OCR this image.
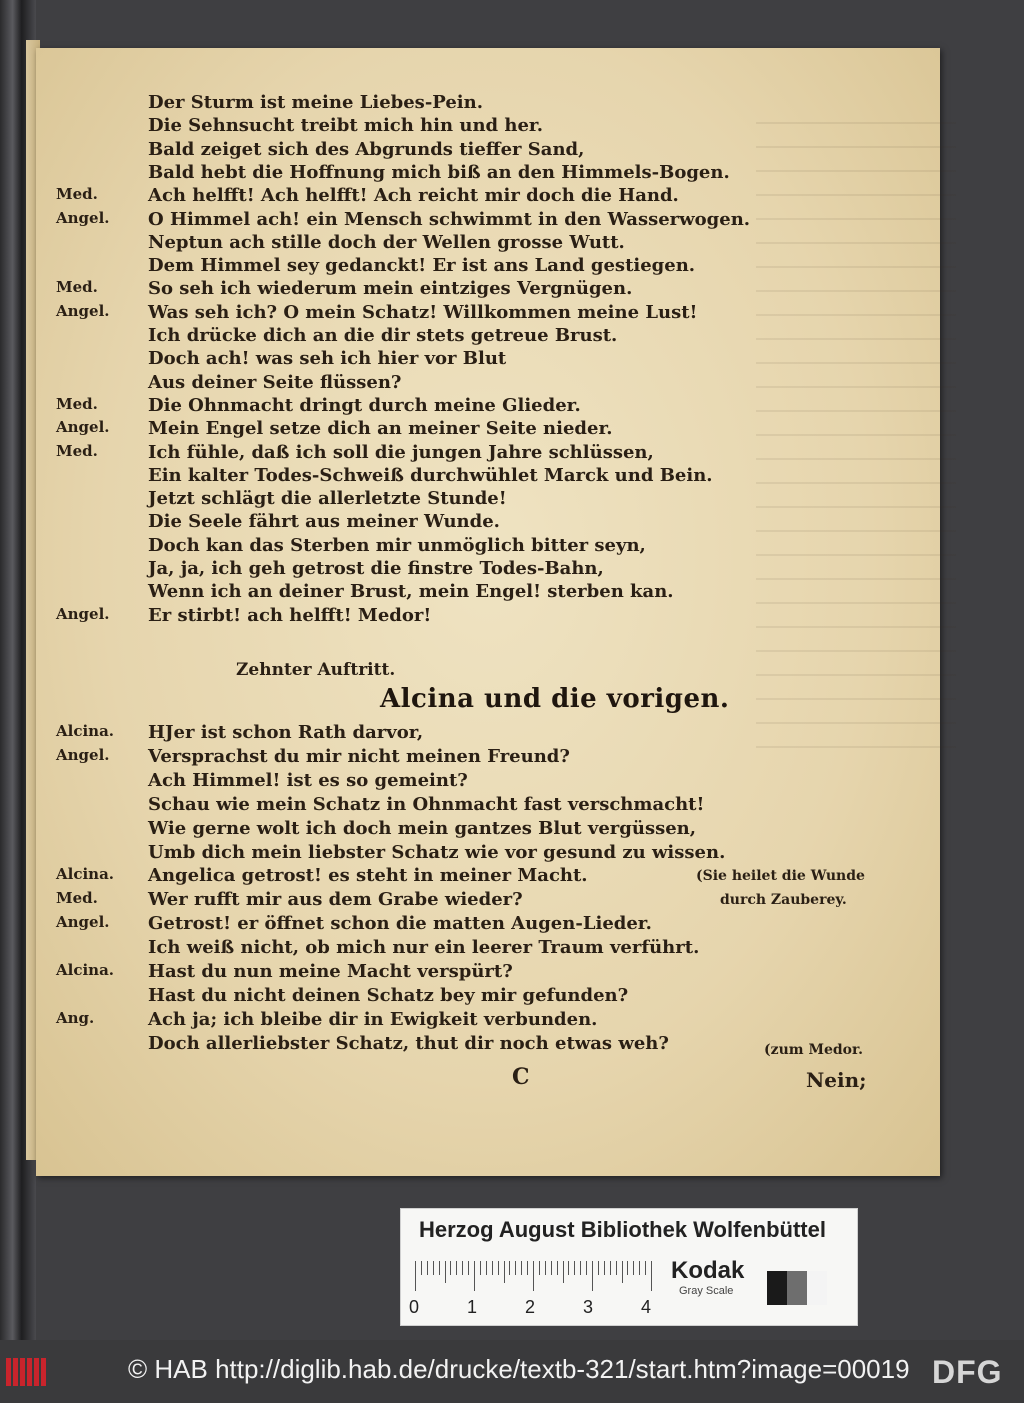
Der Sturm ist meine Liebes-Pein.
Die Sehnsucht treibt mich hin und her.
Bald zeiget sich des Abgrunds tieffer Sand,
Bald hebt die Hoffnung mich biß an den Himmels-Bogen.
Med.	Ach helfft! Ach helfft! Ach reicht mir doch die Hand.
Angel.	O Himmel ach! ein Mensch schwimmt in den Wasserwogen.
Neptun ach stille doch der Wellen grosse Wutt.
Dem Himmel sey gedanckt! Er ist ans Land gestiegen.
Med.	So seh ich wiederum mein eintziges Vergnügen.
Angel.	Was seh ich? O mein Schatz! Willkommen meine Lust!
Ich drücke dich an die dir stets getreue Brust.
Doch ach! was seh ich hier vor Blut
Aus deiner Seite flüssen?
Med.	Die Ohnmacht dringt durch meine Glieder.
Angel.	Mein Engel setze dich an meiner Seite nieder.
Med.	Ich fühle, daß ich soll die jungen Jahre schlüssen,
Ein kalter Todes-Schweiß durchwühlet Marck und Bein.
Jetzt schlägt die allerletzte Stunde!
Die Seele fährt aus meiner Wunde.
Doch kan das Sterben mir unmöglich bitter seyn,
Ja, ja, ich geh getrost die finstre Todes-Bahn,
Wenn ich an deiner Brust, mein Engel! sterben kan.
Angel.	Er stirbt! ach helfft! Medor!
Alcina.	HJer ist schon Rath darvor,
Angel.	Versprachst du mir nicht meinen Freund?
Ach Himmel! ist es so gemeint?
Schau wie mein Schatz in Ohnmacht fast verschmacht!
Wie gerne wolt ich doch mein gantzes Blut vergüssen,
Umb dich mein liebster Schatz wie vor gesund zu wissen.
Alcina.	Angelica getrost! es steht in meiner Macht.
Med.	Wer rufft mir aus dem Grabe wieder?
Angel.	Getrost! er öffnet schon die matten Augen-Lieder.
Ich weiß nicht, ob mich nur ein leerer Traum verführt.
Alcina.	Hast du nun meine Macht verspürt?
Hast du nicht deinen Schatz bey mir gefunden?
Ang.	Ach ja; ich bleibe dir in Ewigkeit verbunden.
Doch allerliebster Schatz, thut dir noch etwas weh?
Zehnter Auftritt.
Alcina und die vorigen.
(Sie heilet die Wunde
durch Zauberey.
(zum Medor.
C	Nein;
Herzog August Bibliothek Wolfenbüttel
0	1	2	3	4
Kodak
Gray Scale
© HAB http://diglib.hab.de/drucke/textb-321/start.htm?image=00019 DFG
